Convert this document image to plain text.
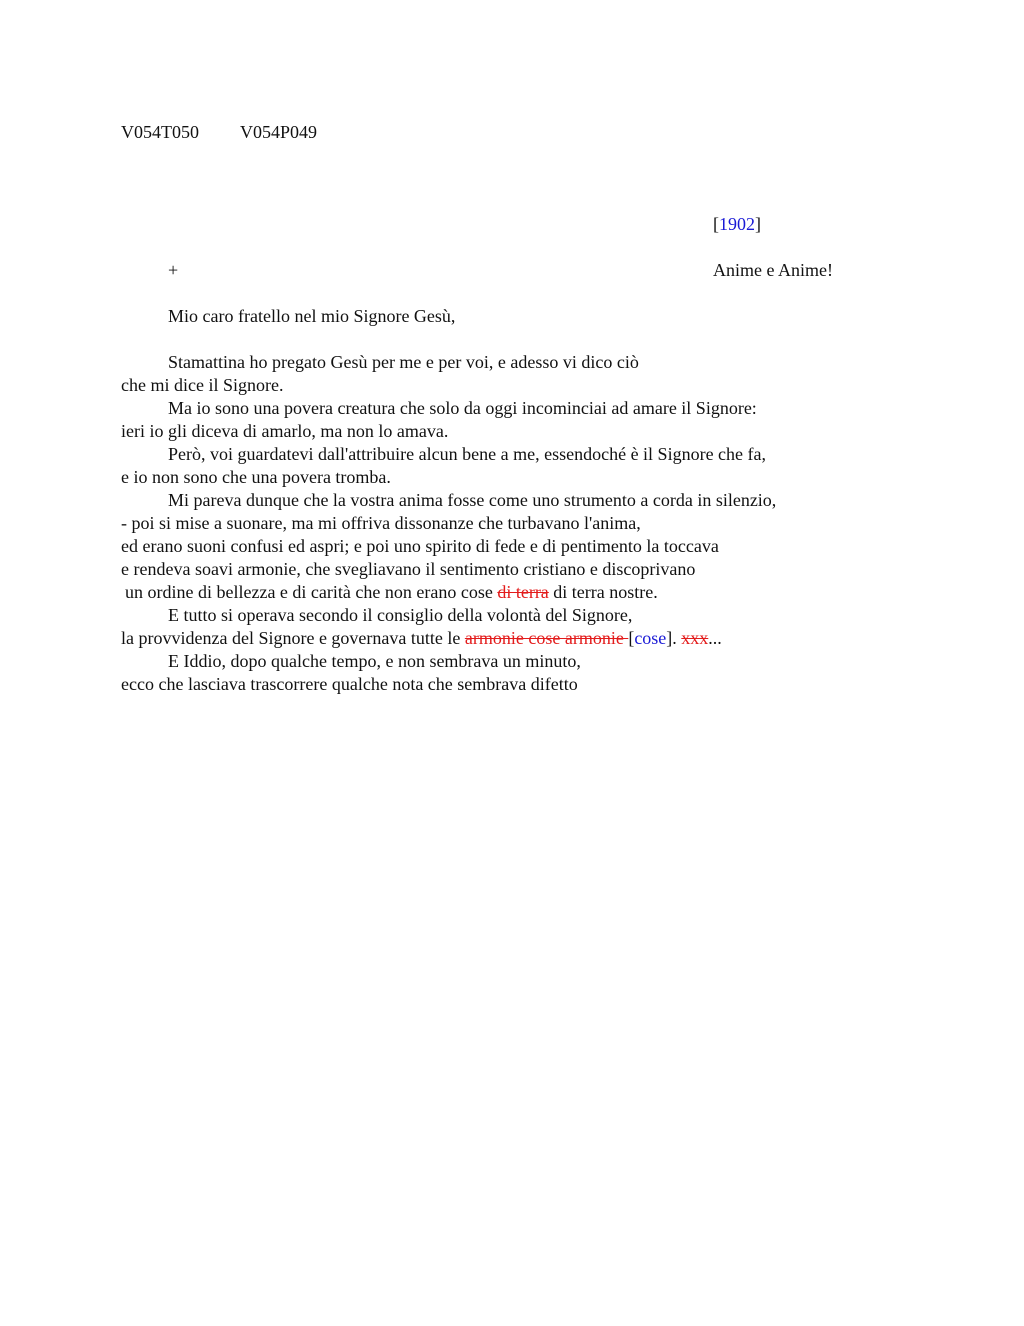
V054T050 V054P049
[1902]
+	Anime e Anime!
Mio caro fratello nel mio Signore Gesù,
Stamattina ho pregato Gesù per me e per voi, e adesso vi dico ciò
che mi dice il Signore.
Ma io sono una povera creatura che solo da oggi incominciai ad amare il Signore:
ieri io gli diceva di amarlo, ma non lo amava.
Però, voi guardatevi dall'attribuire alcun bene a me, essendoché è il Signore che fa,
e io non sono che una povera tromba.
Mi pareva dunque che la vostra anima fosse come uno strumento a corda in silenzio,
- poi si mise a suonare, ma mi offriva dissonanze che turbavano l'anima,
ed erano suoni confusi ed aspri; e poi uno spirito di fede e di pentimento la toccava
e rendeva soavi armonie, che svegliavano il sentimento cristiano e discoprivano
un ordine di bellezza e di carità che non erano cose di terra di terra nostre.
E tutto si operava secondo il consiglio della volontà del Signore,
la provvidenza del Signore e governava tutte le armonie cose armonie [cose]. xxx...
E Iddio, dopo qualche tempo, e non sembrava un minuto,
ecco che lasciava trascorrere qualche nota che sembrava difetto
